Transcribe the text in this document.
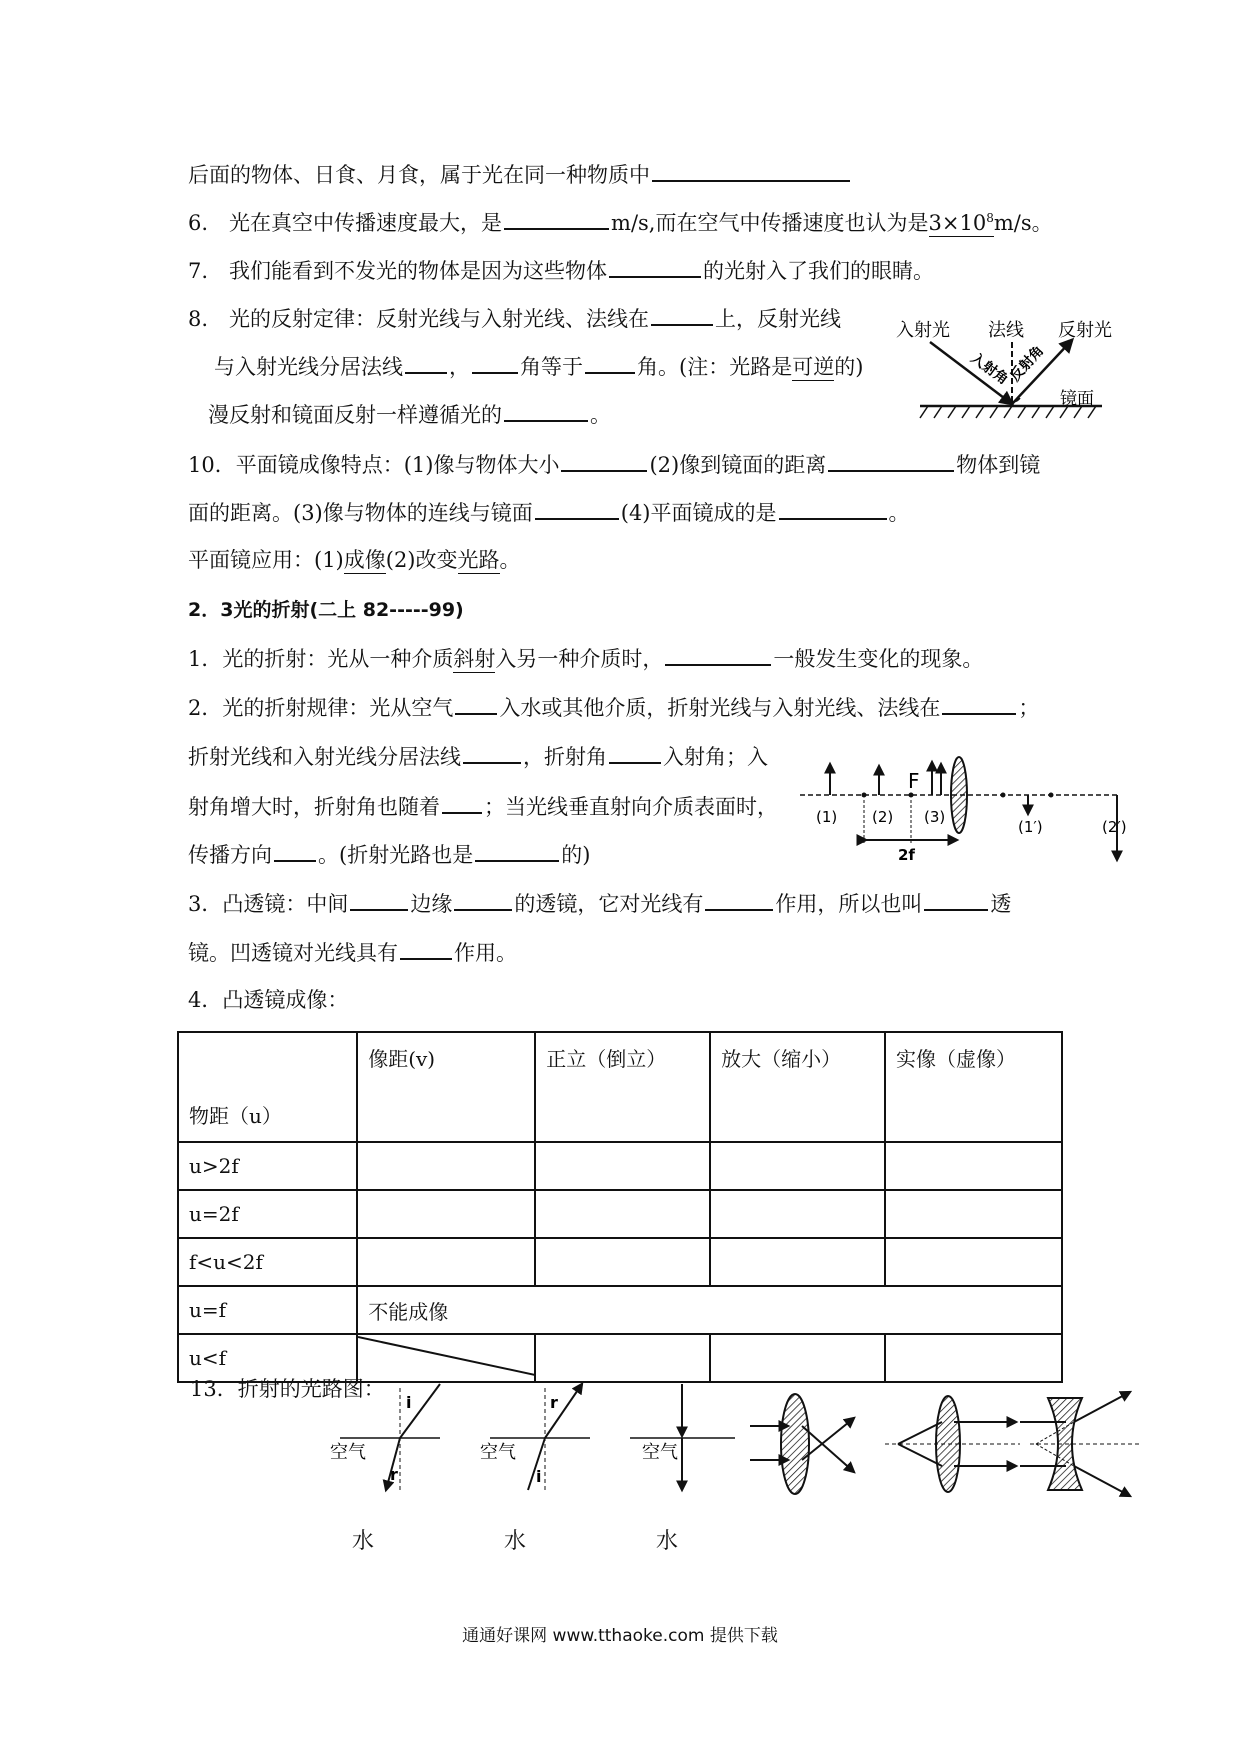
后面的物体、日食、月食，属于光在同一种物质中
6.　光在真空中传播速度最大，是	m/s,而在空气中传播速度也认为是$3\times 10^8m/s$。
7.　我们能看到不发光的物体是因为这些物体	的光射入了我们的眼睛。
8.　光的反射定律：反射光线与入射光线、法线在	上，反射光线
与入射光线分居法线 ， 角等于	角。(注：光路是可逆的)
漫反射和镜面反射一样遵循光的	。
10．平面镜成像特点：(1)像与物体大小	(2)像到镜面的距离	物体到镜
面的距离。(3)像与物体的连线与镜面	(4)平面镜成的是	。
平面镜应用：(1)成像(2)改变光路。
2．3光的折射(二上 82-----99)
1．光的折射：光从一种介质斜射入另一种介质时，	一般发生变化的现象。
2．光的折射规律：光从空气 入水或其他介质，折射光线与入射光线、法线在	；
折射光线和入射光线分居法线	，折射角	入射角；入
射角增大时，折射角也随着 ；当光线垂直射向介质表面时，
传播方向 。(折射光路也是	的)
3．凸透镜：中间	边缘	的透镜，它对光线有	作用，所以也叫	透
镜。凹透镜对光线具有	作用。
4．凸透镜成像：
物距（u）	像距(v)	正立（倒立）	放大（缩小）	实像（虚像）
u>2f				
u=2f				
f<u<2f				
u=f	不能成像			
u<f	

13．折射的光路图：
入射光 法线 反射光
入射角
反射角
镜面
F
(1) (2) (3)
(1′)	(2′)
2f
空气
i
r
空气
r
i
空气
水	水	水
通通好课网 www.tthaoke.com 提供下载
